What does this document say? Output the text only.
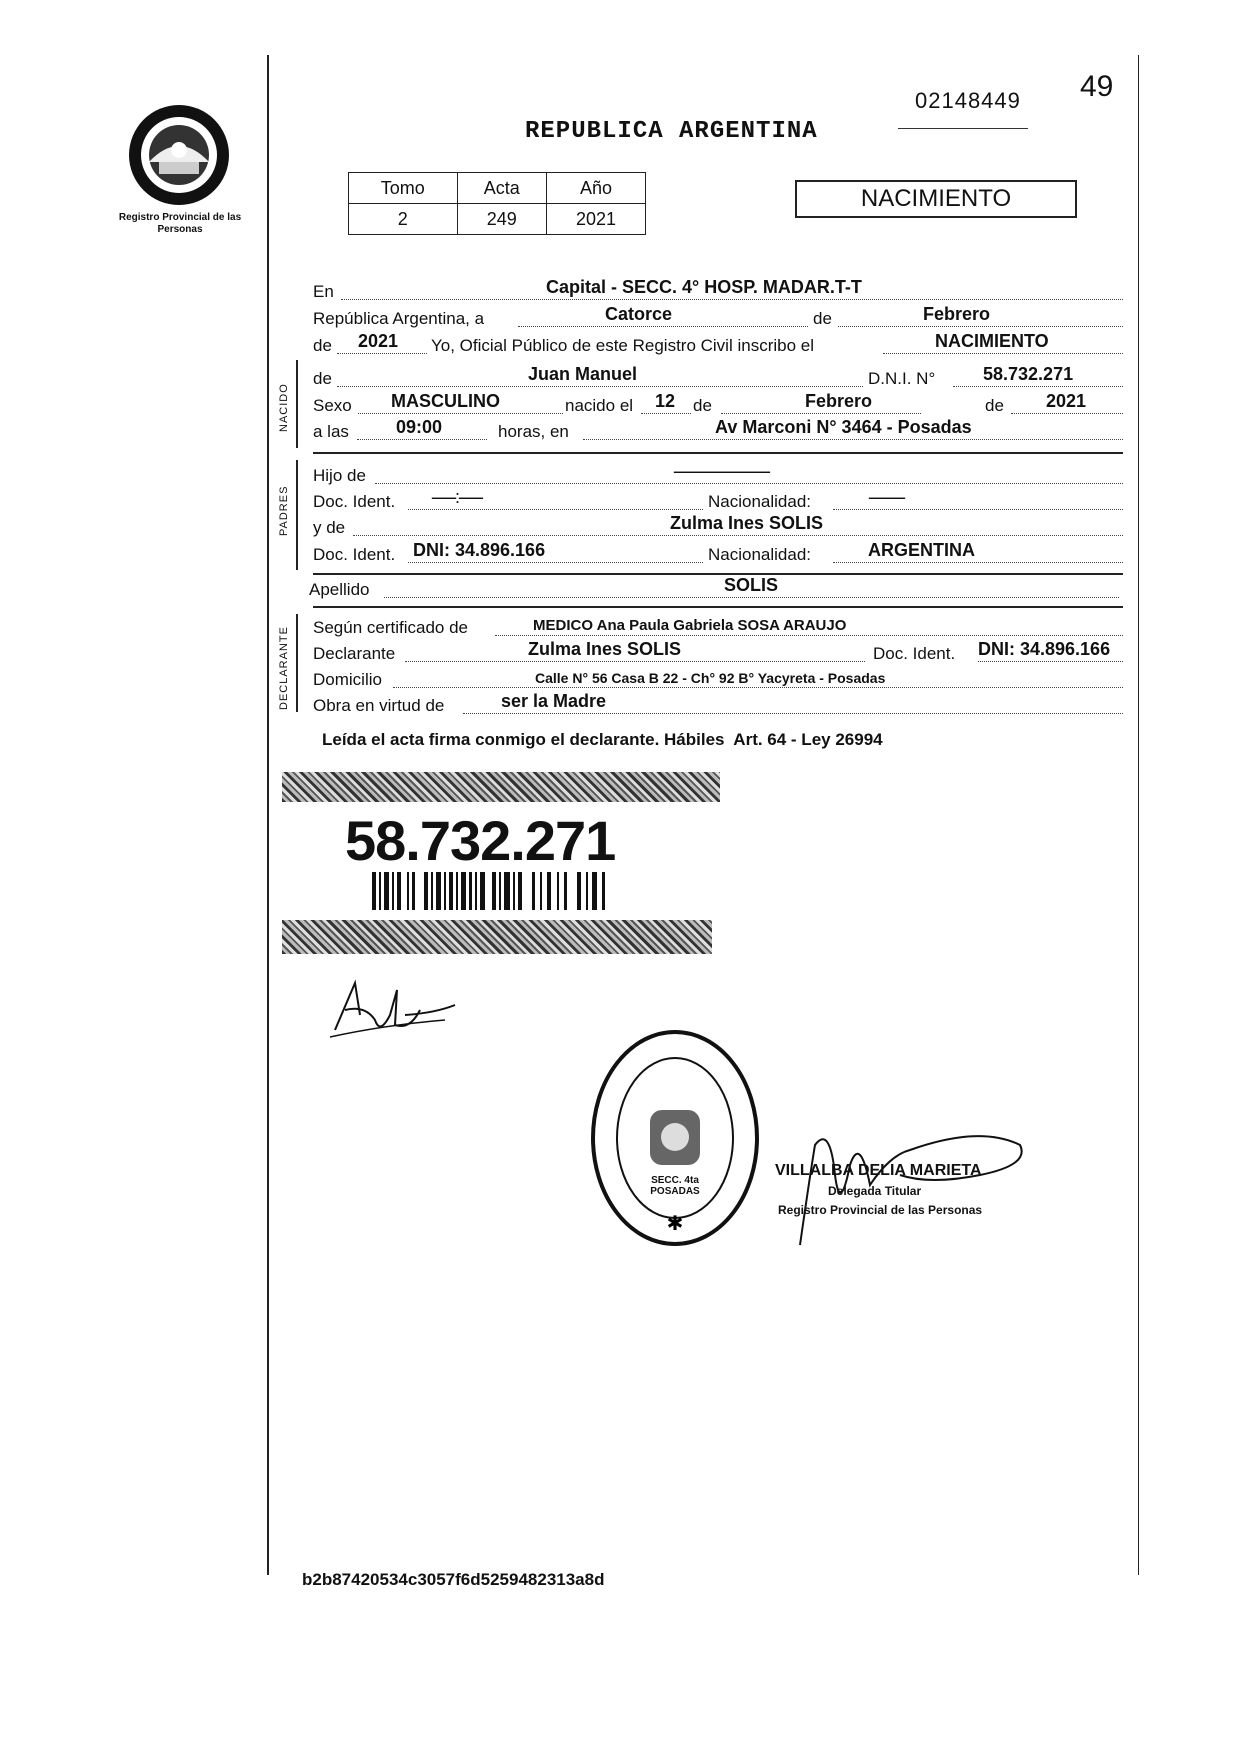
Registro Provincial de las Personas
49
02148449
REPUBLICA ARGENTINA
Tomo	Acta	Año
2	249	2021
NACIMIENTO
En	Capital - SECC. 4° HOSP. MADAR.T-T
República Argentina, a	Catorce	de	Febrero
de 2021 Yo, Oficial Público de este Registro Civil inscribo el	NACIMIENTO
NACIDO
de	Juan Manuel	D.N.I. N°	58.732.271
Sexo MASCULINO	nacido el 12 de	Febrero	de 2021
a las	09:00	horas, en	Av Marconi N° 3464 - Posadas
PADRES
Hijo de	------------------------
Doc. Ident. ------:------	Nacionalidad:	---------
y de	Zulma Ines SOLIS
Doc. Ident. DNI: 34.896.166	Nacionalidad:	ARGENTINA
Apellido	SOLIS
DECLARANTE Según certificado de	MEDICO Ana Paula Gabriela SOSA ARAUJO
Declarante	Zulma Ines SOLIS	Doc. Ident. DNI: 34.896.166
Domicilio	Calle N° 56 Casa B 22 - Ch° 92 B° Yacyreta - Posadas
Obra en virtud de	ser la Madre
Leída el acta firma conmigo el declarante. Hábiles  Art. 64 - Ley 26994
58.732.271
✱
SECC. 4ta POSADAS
VILLALBA DELIA MARIETA
Delegada Titular
Registro Provincial de las Personas
b2b87420534c3057f6d5259482313a8d
